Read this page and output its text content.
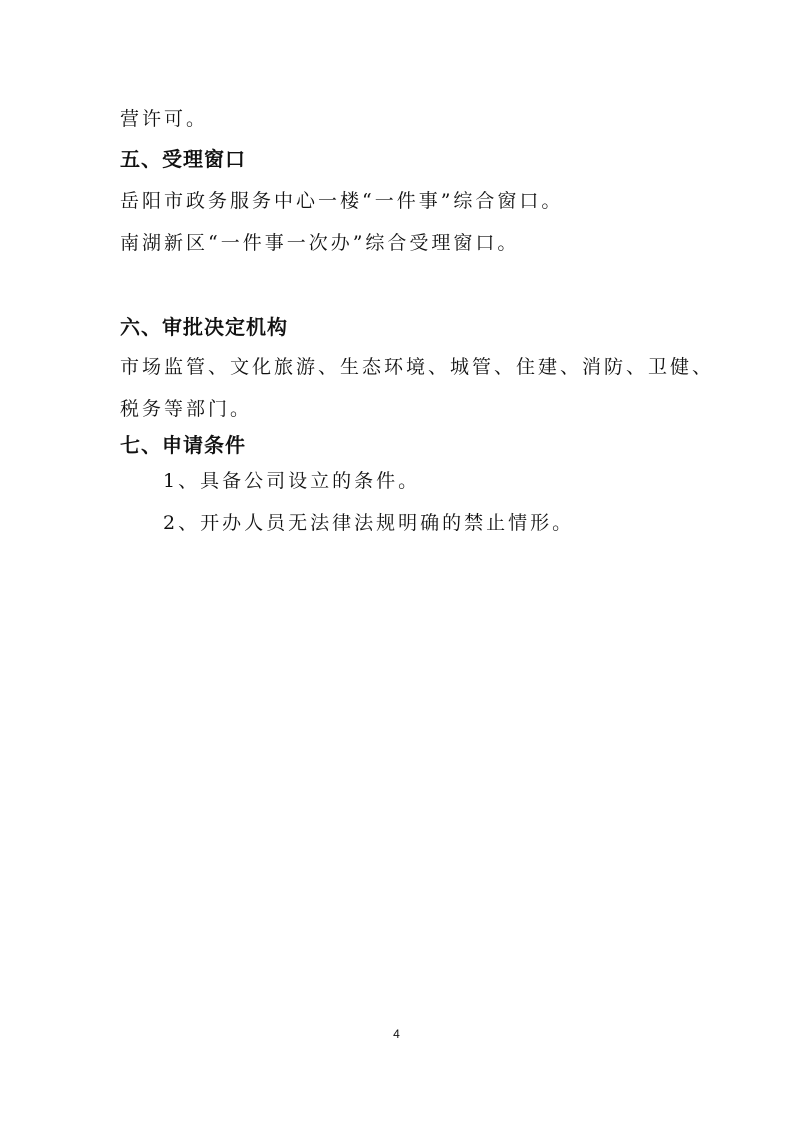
营许可。
五、受理窗口
岳阳市政务服务中心一楼“一件事”综合窗口。
南湖新区“一件事一次办”综合受理窗口。
六、审批决定机构
市场监管、文化旅游、生态环境、城管、住建、消防、卫健、
税务等部门。
七、申请条件
1、具备公司设立的条件。
2、开办人员无法律法规明确的禁止情形。
4
